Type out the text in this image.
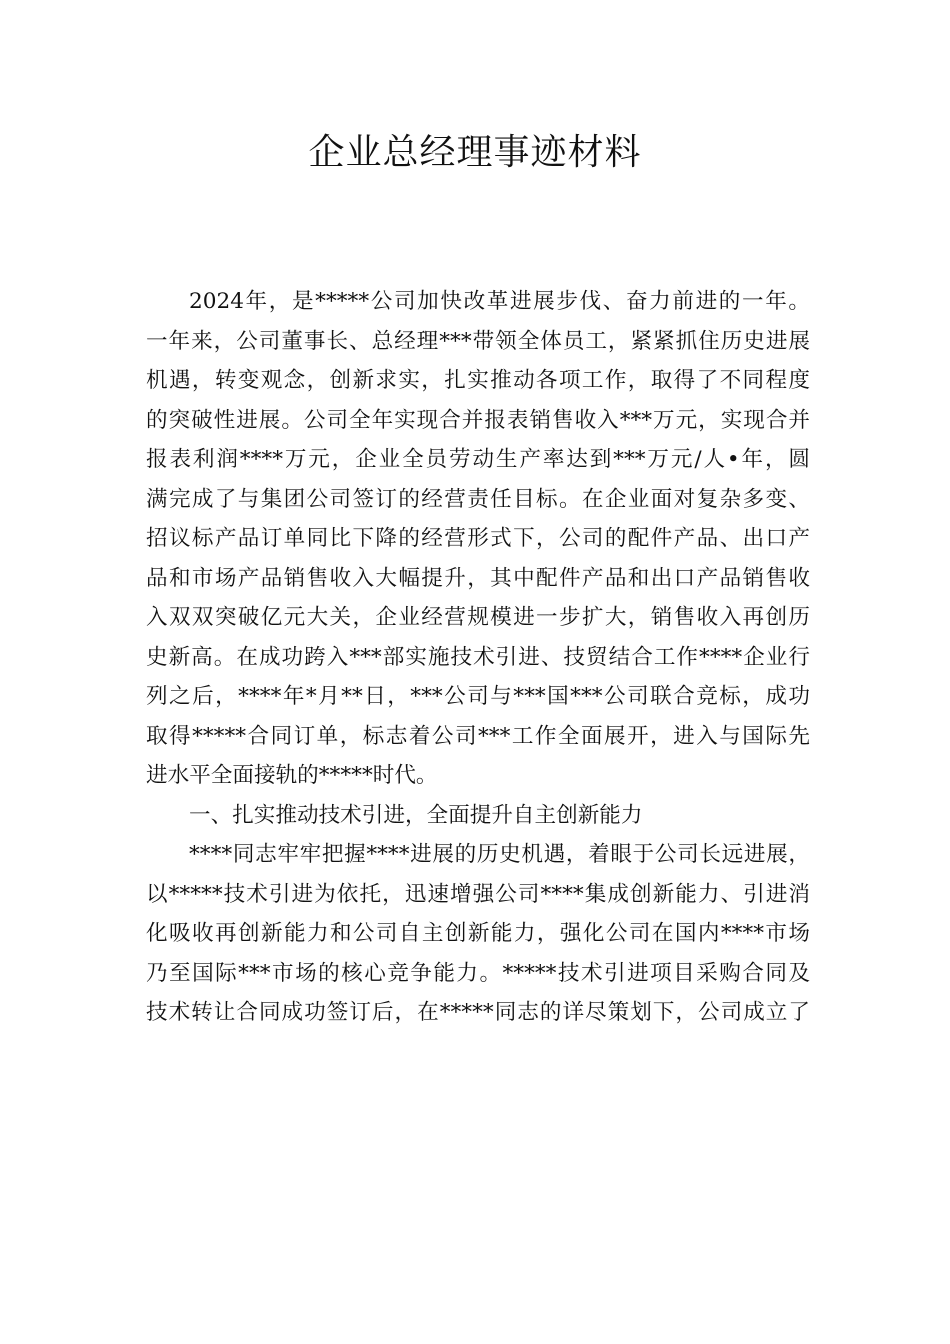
企业总经理事迹材料
2024年，是*****公司加快改革进展步伐、奋力前进的一年。
一年来，公司董事长、总经理***带领全体员工，紧紧抓住历史进展
机遇，转变观念，创新求实，扎实推动各项工作，取得了不同程度
的突破性进展。公司全年实现合并报表销售收入***万元，实现合并
报表利润****万元，企业全员劳动生产率达到***万元/人•年，圆
满完成了与集团公司签订的经营责任目标。在企业面对复杂多变、
招议标产品订单同比下降的经营形式下，公司的配件产品、出口产
品和市场产品销售收入大幅提升，其中配件产品和出口产品销售收
入双双突破亿元大关，企业经营规模进一步扩大，销售收入再创历
史新高。在成功跨入***部实施技术引进、技贸结合工作****企业行
列之后，****年*月**日，***公司与***国***公司联合竞标，成功
取得*****合同订单，标志着公司***工作全面展开，进入与国际先
进水平全面接轨的*****时代。
一、扎实推动技术引进，全面提升自主创新能力
****同志牢牢把握****进展的历史机遇，着眼于公司长远进展，
以*****技术引进为依托，迅速增强公司****集成创新能力、引进消
化吸收再创新能力和公司自主创新能力，强化公司在国内****市场
乃至国际***市场的核心竞争能力。*****技术引进项目采购合同及
技术转让合同成功签订后，在*****同志的详尽策划下，公司成立了
